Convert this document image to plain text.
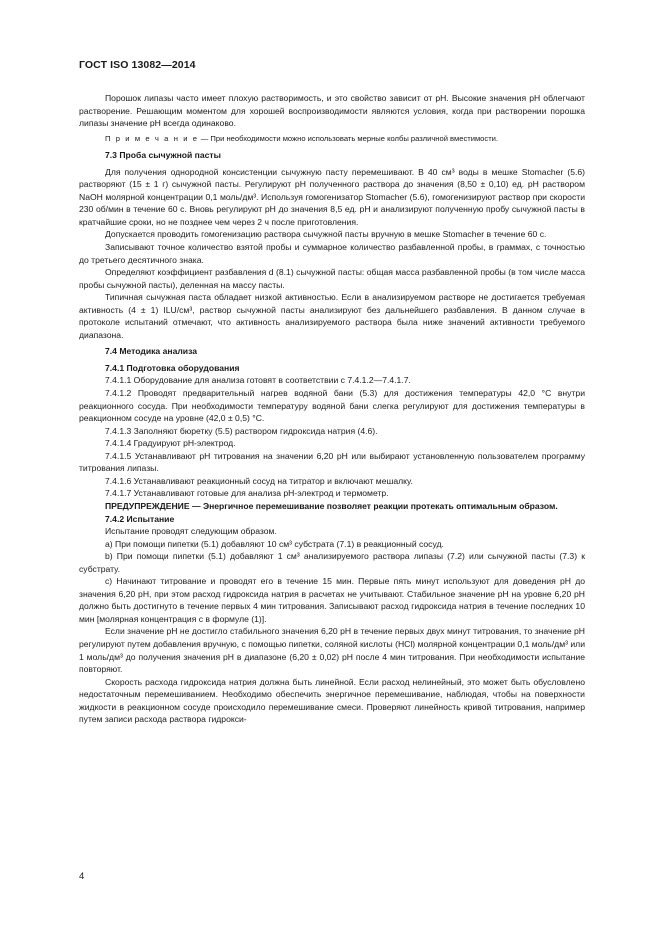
ГОСТ ISO 13082—2014

Порошок липазы часто имеет плохую растворимость, и это свойство зависит от pH. Высокие значения pH облегчают растворение. Решающим моментом для хорошей воспроизводимости являются условия, когда при растворении порошка липазы значение pH всегда одинаково.

П р и м е ч а н и е — При необходимости можно использовать мерные колбы различной вместимости.

7.3 Проба сычужной пасты

Для получения однородной консистенции сычужную пасту перемешивают. В 40 см³ воды в мешке Stomacher (5.6) растворяют (15 ± 1 г) сычужной пасты. Регулируют pH полученного раствора до значения (8,50 ± 0,10) ед. pH раствором NaOH молярной концентрации 0,1 моль/дм³. Используя гомогенизатор Stomacher (5.6), гомогенизируют раствор при скорости 230 об/мин в течение 60 с. Вновь регулируют pH до значения 8,5 ед. pH и анализируют полученную пробу сычужной пасты в кратчайшие сроки, но не позднее чем через 2 ч после приготовления.

Допускается проводить гомогенизацию раствора сычужной пасты вручную в мешке Stomacher в течение 60 с.

Записывают точное количество взятой пробы и суммарное количество разбавленной пробы, в граммах, с точностью до третьего десятичного знака.

Определяют коэффициент разбавления d (8.1) сычужной пасты: общая масса разбавленной пробы (в том числе масса пробы сычужной пасты), деленная на массу пасты.

Типичная сычужная паста обладает низкой активностью. Если в анализируемом растворе не достигается требуемая активность (4 ± 1) ILU/см³, раствор сычужной пасты анализируют без дальнейшего разбавления. В данном случае в протоколе испытаний отмечают, что активность анализируемого раствора была ниже значений активности требуемого диапазона.

7.4 Методика анализа

7.4.1 Подготовка оборудования

7.4.1.1 Оборудование для анализа готовят в соответствии с 7.4.1.2—7.4.1.7.

7.4.1.2 Проводят предварительный нагрев водяной бани (5.3) для достижения температуры 42,0 °C внутри реакционного сосуда. При необходимости температуру водяной бани слегка регулируют для достижения температуры в реакционном сосуде на уровне (42,0 ± 0,5) °C.

7.4.1.3 Заполняют бюретку (5.5) раствором гидроксида натрия (4.6).

7.4.1.4 Градуируют pH-электрод.

7.4.1.5 Устанавливают pH титрования на значении 6,20 pH или выбирают установленную пользователем программу титрования липазы.

7.4.1.6 Устанавливают реакционный сосуд на титратор и включают мешалку.

7.4.1.7 Устанавливают готовые для анализа pH-электрод и термометр.

ПРЕДУПРЕЖДЕНИЕ — Энергичное перемешивание позволяет реакции протекать оптимальным образом.

7.4.2 Испытание

Испытание проводят следующим образом.

a) При помощи пипетки (5.1) добавляют 10 см³ субстрата (7.1) в реакционный сосуд.

b) При помощи пипетки (5.1) добавляют 1 см³ анализируемого раствора липазы (7.2) или сычужной пасты (7.3) к субстрату.

c) Начинают титрование и проводят его в течение 15 мин. Первые пять минут используют для доведения pH до значения 6,20 pH, при этом расход гидроксида натрия в расчетах не учитывают. Стабильное значение pH на уровне 6,20 pH должно быть достигнуто в течение первых 4 мин титрования. Записывают расход гидроксида натрия в течение последних 10 мин [молярная концентрация c в формуле (1)].

Если значение pH не достигло стабильного значения 6,20 pH в течение первых двух минут титрования, то значение pH регулируют путем добавления вручную, с помощью пипетки, соляной кислоты (HCl) молярной концентрации 0,1 моль/дм³ или 1 моль/дм³ до получения значения pH в диапазоне (6,20 ± 0,02) pH после 4 мин титрования. При необходимости испытание повторяют.

Скорость расхода гидроксида натрия должна быть линейной. Если расход нелинейный, это может быть обусловлено недостаточным перемешиванием. Необходимо обеспечить энергичное перемешивание, наблюдая, чтобы на поверхности жидкости в реакционном сосуде происходило перемешивание смеси. Проверяют линейность кривой титрования, например путем записи расхода раствора гидрокси-

4
